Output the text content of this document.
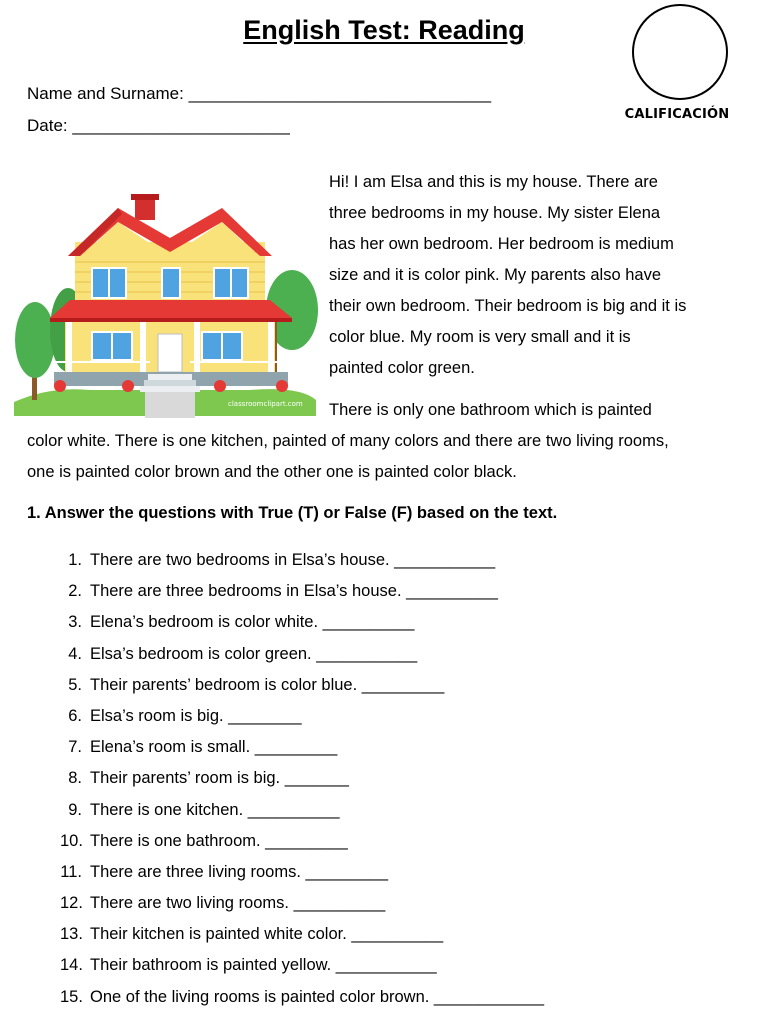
English Test: Reading
CALIFICACIÓN
Name and Surname: ________________________________
Date: _______________________
classroomclipart.com
Hi! I am Elsa and this is my house. There are
three bedrooms in my house. My sister Elena
has her own bedroom. Her bedroom is medium
size and it is color pink. My parents also have
their own bedroom. Their bedroom is big and it is
color blue. My room is very small and it is
painted color green.
There is only one bathroom which is painted
color white. There is one kitchen, painted of many colors and there are two living rooms,
one is painted color brown and the other one is painted color black.
1. Answer the questions with True (T) or False (F) based on the text.
1. There are two bedrooms in Elsa’s house. ___________
2. There are three bedrooms in Elsa’s house. __________
3. Elena’s bedroom is color white. __________
4. Elsa’s bedroom is color green. ___________
5. Their parents’ bedroom is color blue. _________
6. Elsa’s room is big. ________
7. Elena’s room is small. _________
8. Their parents’ room is big. _______
9. There is one kitchen. __________
10. There is one bathroom. _________
11. There are three living rooms. _________
12. There are two living rooms. __________
13. Their kitchen is painted white color. __________
14. Their bathroom is painted yellow. ___________
15. One of the living rooms is painted color brown. ____________
